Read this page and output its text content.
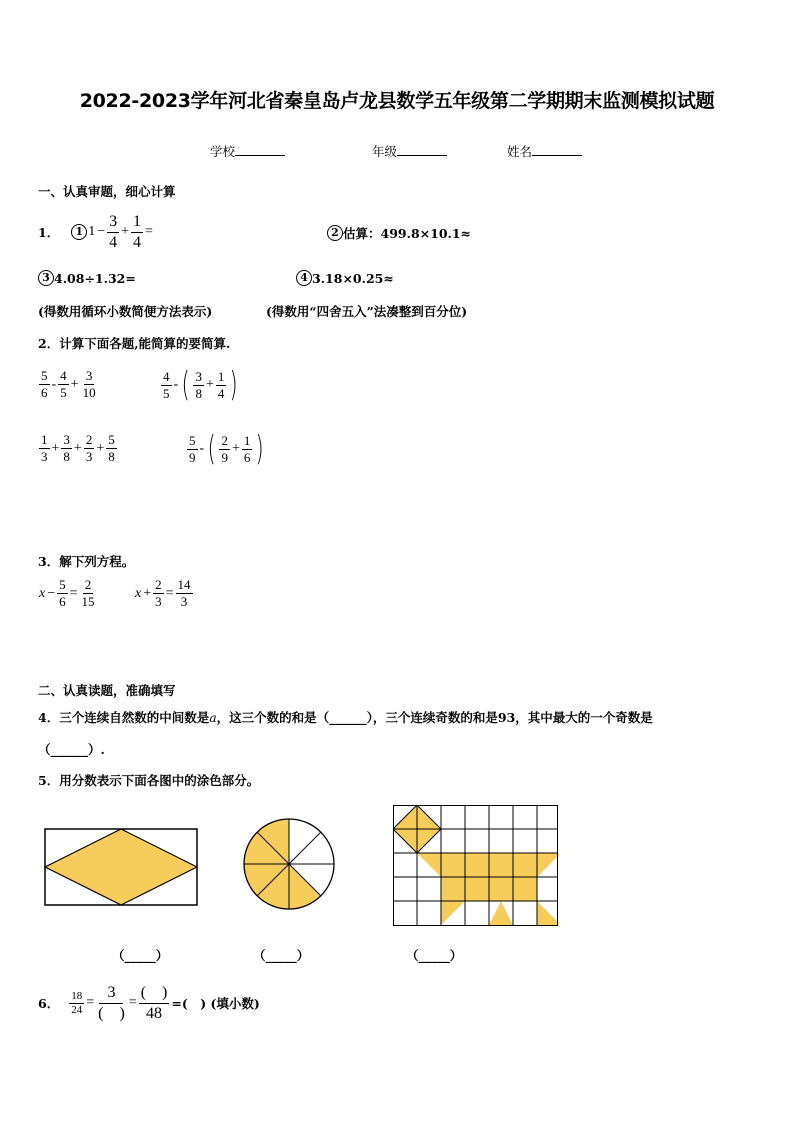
2022-2023学年河北省秦皇岛卢龙县数学五年级第二学期期末监测模拟试题
学校	年级	姓名
一、认真审题，细心计算
1．	1 $1 - \frac{3}{4} + \frac{1}{4}$ =	2 估算：499.8×10.1≈
3 4.08÷1.32=	4 3.18×0.25≈
(得数用循环小数简便方法表示)	(得数用“四舍五入”法凑整到百分位)
2．计算下面各题,能简算的要简算.
$\frac{5}{6} - \frac{4}{5} + \frac{3}{10}$	$\frac{4}{5}$ - ( $\frac{3}{8} + \frac{1}{4}$ )
$\frac{1}{3} + \frac{3}{8} + \frac{2}{3} + \frac{5}{8}$	$\frac{5}{9}$ - ( $\frac{2}{9} + \frac{1}{6}$ )
3．解下列方程。
$x - \frac{5}{6} = \frac{2}{15}$	$x + \frac{2}{3} = \frac{14}{3}$
二、认真读题，准确填写
4．三个连续自然数的中间数是a，这三个数的和是（______），三个连续奇数的和是93，其中最大的一个奇数是
（______）.
5．用分数表示下面各图中的涂色部分。
（_____）	（_____）	（_____）
6． $\frac{18}{24} = \frac{3}{( )} = \frac{( )}{48}$ =(　) (填小数)
